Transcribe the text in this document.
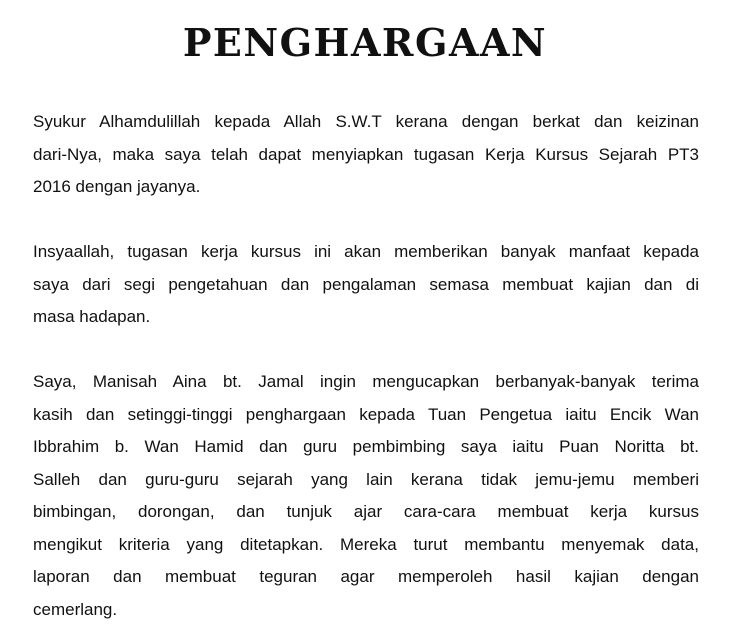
PENGHARGAAN

Syukur Alhamdulillah kepada Allah S.W.T kerana dengan berkat dan keizinan
dari-Nya, maka saya telah dapat menyiapkan tugasan Kerja Kursus Sejarah PT3
2016 dengan jayanya.

Insyaallah, tugasan kerja kursus ini akan memberikan banyak manfaat kepada
saya dari segi pengetahuan dan pengalaman semasa membuat kajian dan di
masa hadapan.

Saya, Manisah Aina bt. Jamal ingin mengucapkan berbanyak-banyak terima
kasih dan setinggi-tinggi penghargaan kepada Tuan Pengetua iaitu Encik Wan
Ibbrahim b. Wan Hamid dan guru pembimbing saya iaitu Puan Noritta bt.
Salleh dan guru-guru sejarah yang lain kerana tidak jemu-jemu memberi
bimbingan, dorongan, dan tunjuk ajar cara-cara membuat kerja kursus
mengikut kriteria yang ditetapkan. Mereka turut membantu menyemak data,
laporan dan membuat teguran agar memperoleh hasil kajian dengan
cemerlang.
